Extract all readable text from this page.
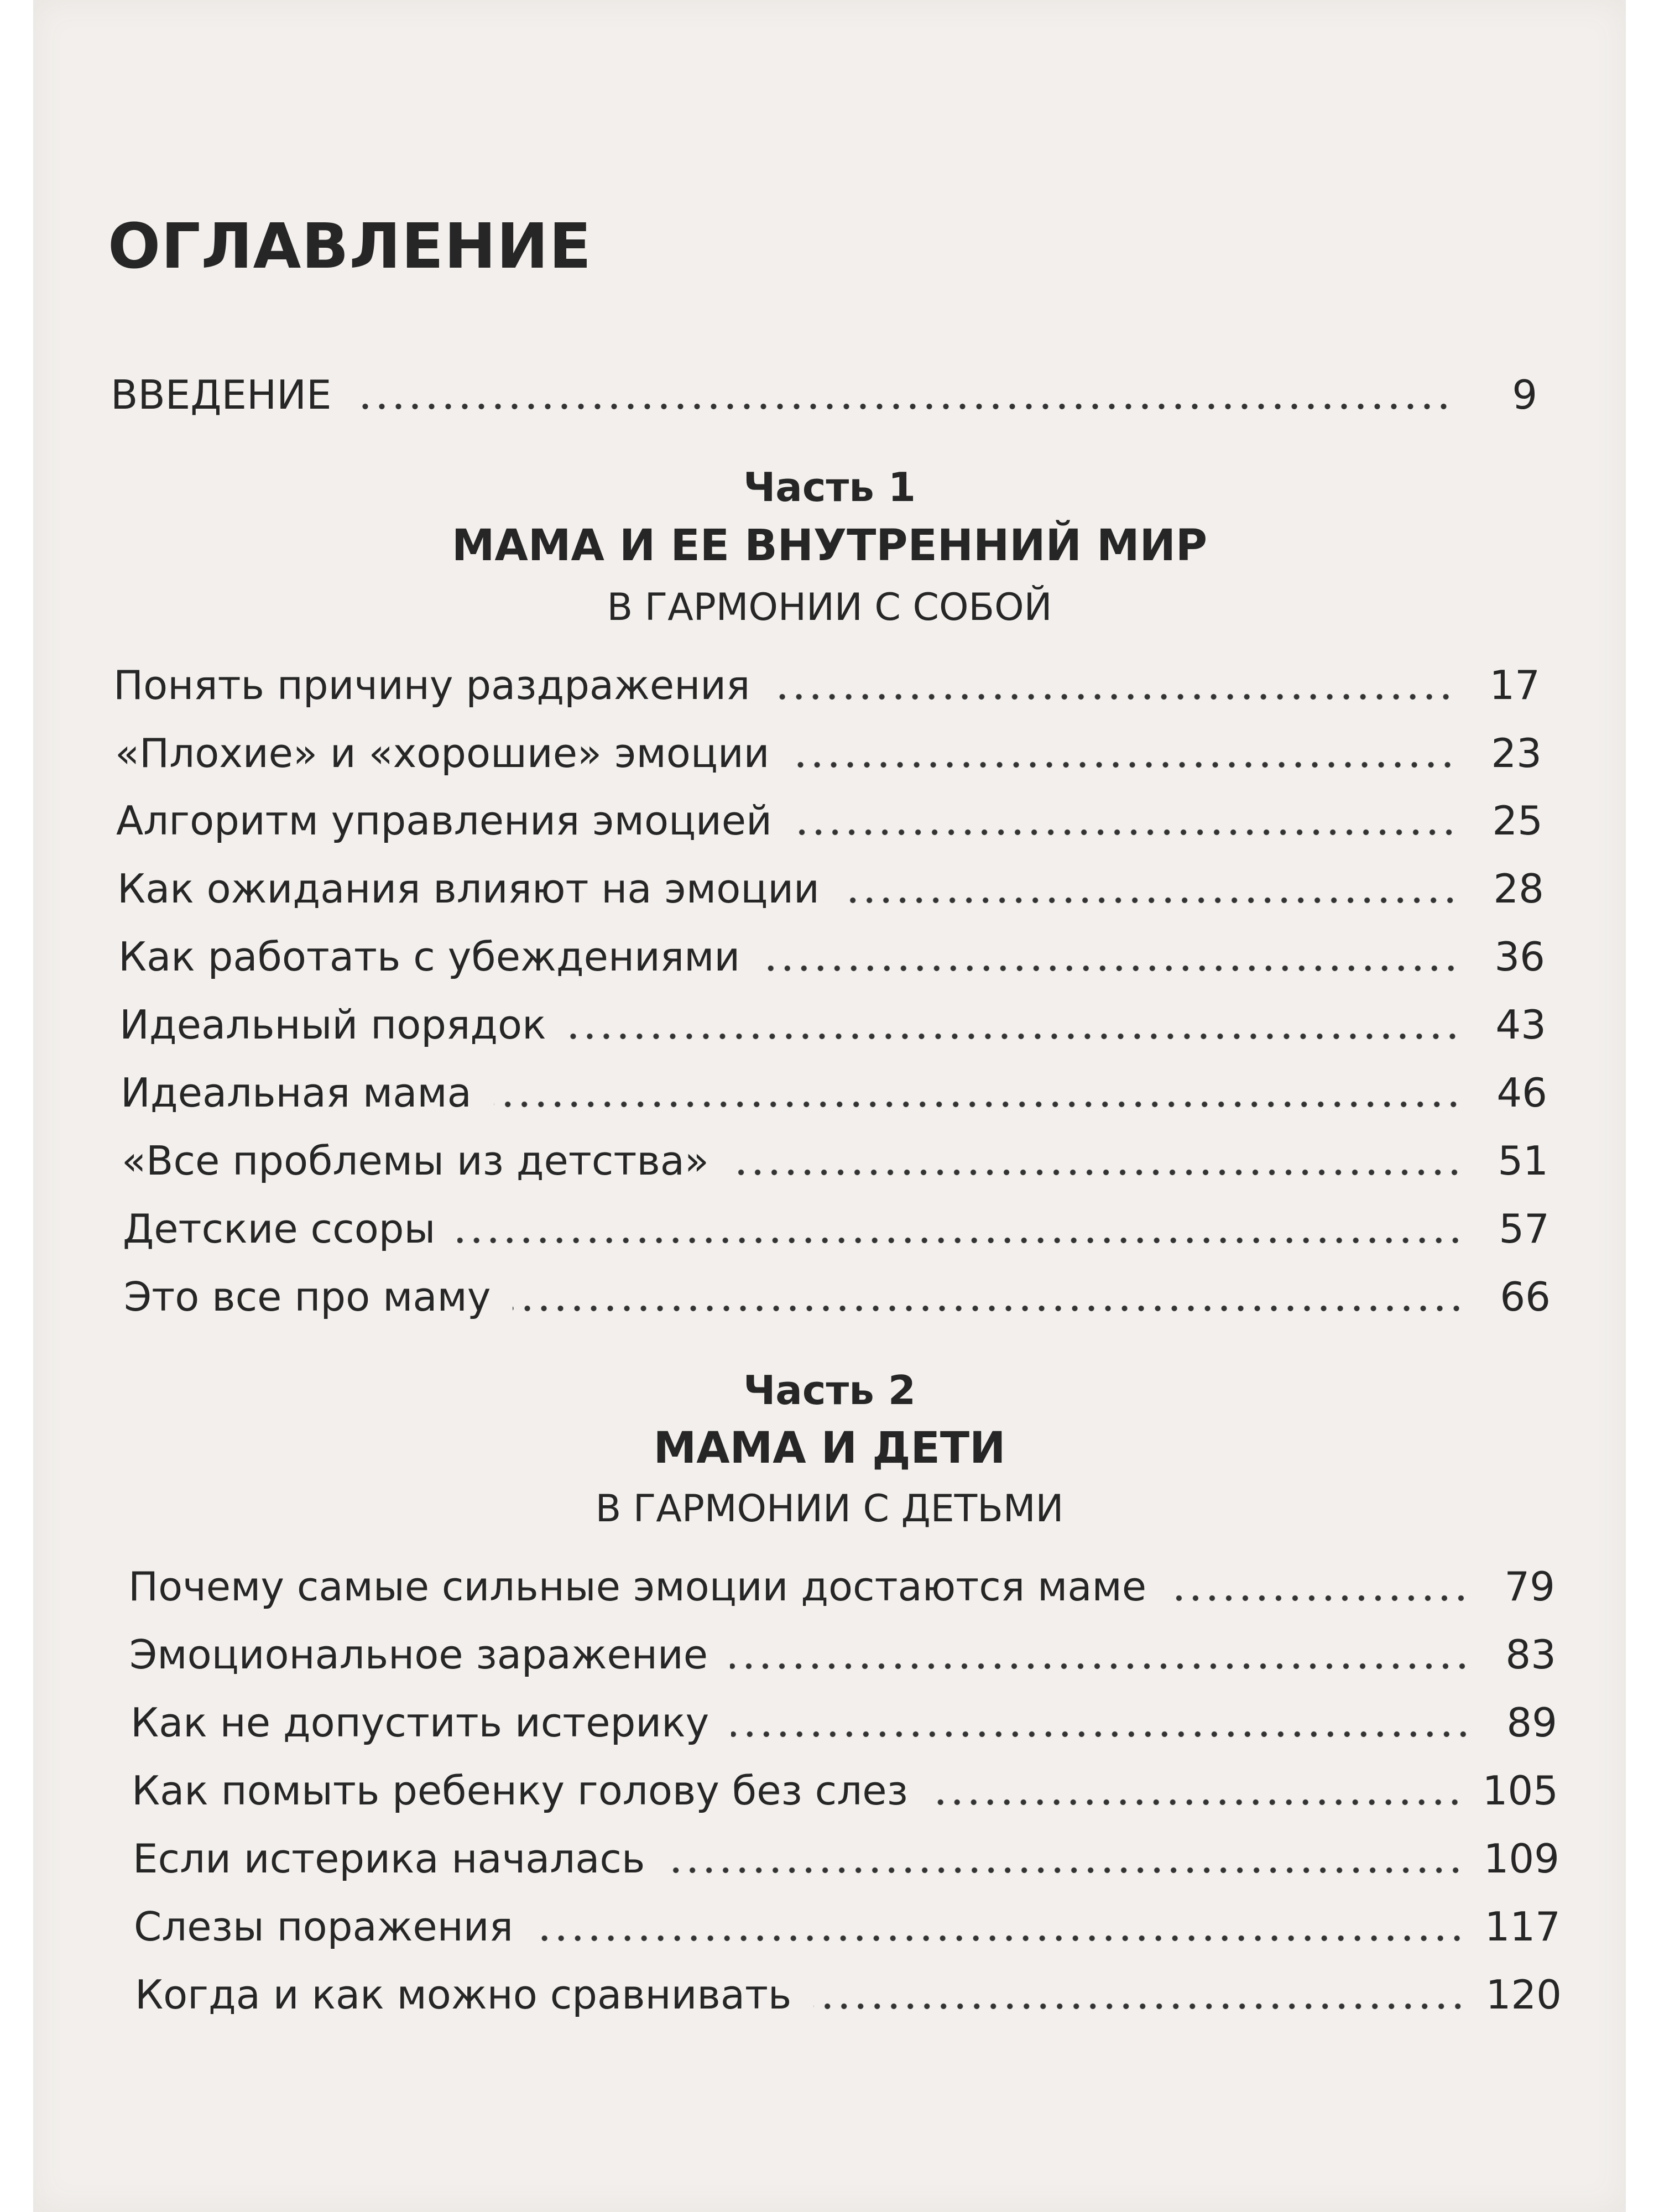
ОГЛАВЛЕНИЕ
ВВЕДЕНИЕ	9
Часть 1
МАМА И ЕЕ ВНУТРЕННИЙ МИР
В ГАРМОНИИ С СОБОЙ
Понять причину раздражения	17
«Плохие» и «хорошие» эмоции	23
Алгоритм управления эмоцией	25
Как ожидания влияют на эмоции	28
Как работать с убеждениями	36
Идеальный порядок	43
Идеальная мама	46
«Все проблемы из детства»	51
Детские ссоры	57
Это все про маму	66
Часть 2
МАМА И ДЕТИ
В ГАРМОНИИ С ДЕТЬМИ
Почему самые сильные эмоции достаются маме	79
Эмоциональное заражение	83
Как не допустить истерику	89
Как помыть ребенку голову без слез	105
Если истерика началась	109
Слезы поражения	117
Когда и как можно сравнивать	120
